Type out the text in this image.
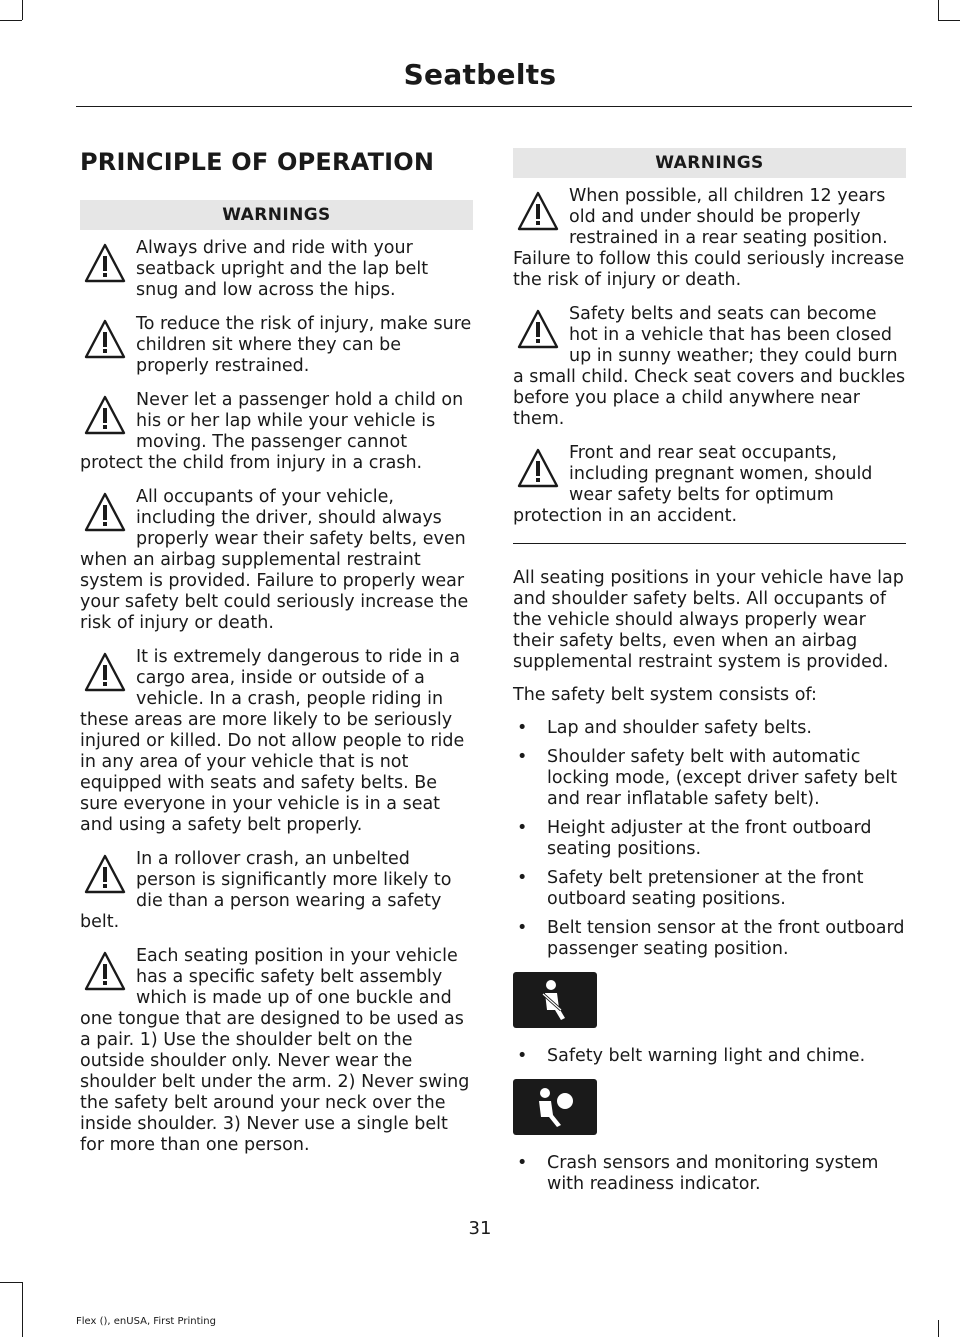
Seatbelts
PRINCIPLE OF OPERATION
WARNINGS
Always drive and ride with your seatback upright and the lap belt snug and low across the hips.
To reduce the risk of injury, make sure children sit where they can be properly restrained.
Never let a passenger hold a child on his or her lap while your vehicle is moving. The passenger cannot protect the child from injury in a crash.
All occupants of your vehicle, including the driver, should always properly wear their safety belts, even when an airbag supplemental restraint system is provided. Failure to properly wear your safety belt could seriously increase the risk of injury or death.
It is extremely dangerous to ride in a cargo area, inside or outside of a vehicle. In a crash, people riding in these areas are more likely to be seriously injured or killed. Do not allow people to ride in any area of your vehicle that is not equipped with seats and safety belts. Be sure everyone in your vehicle is in a seat and using a safety belt properly.
In a rollover crash, an unbelted person is significantly more likely to die than a person wearing a safety belt.
Each seating position in your vehicle has a specific safety belt assembly which is made up of one buckle and one tongue that are designed to be used as a pair. 1) Use the shoulder belt on the outside shoulder only. Never wear the shoulder belt under the arm. 2) Never swing the safety belt around your neck over the inside shoulder. 3) Never use a single belt for more than one person.
WARNINGS
When possible, all children 12 years old and under should be properly restrained in a rear seating position. Failure to follow this could seriously increase the risk of injury or death.
Safety belts and seats can become hot in a vehicle that has been closed up in sunny weather; they could burn a small child. Check seat covers and buckles before you place a child anywhere near them.
Front and rear seat occupants, including pregnant women, should wear safety belts for optimum protection in an accident.

All seating positions in your vehicle have lap and shoulder safety belts. All occupants of the vehicle should always properly wear their safety belts, even when an airbag supplemental restraint system is provided.

The safety belt system consists of:

• Lap and shoulder safety belts.
• Shoulder safety belt with automatic locking mode, (except driver safety belt and rear inflatable safety belt).
• Height adjuster at the front outboard seating positions.
• Safety belt pretensioner at the front outboard seating positions.
• Belt tension sensor at the front outboard passenger seating position.
• Safety belt warning light and chime.
• Crash sensors and monitoring system with readiness indicator.
31
Flex (), enUSA, First Printing
